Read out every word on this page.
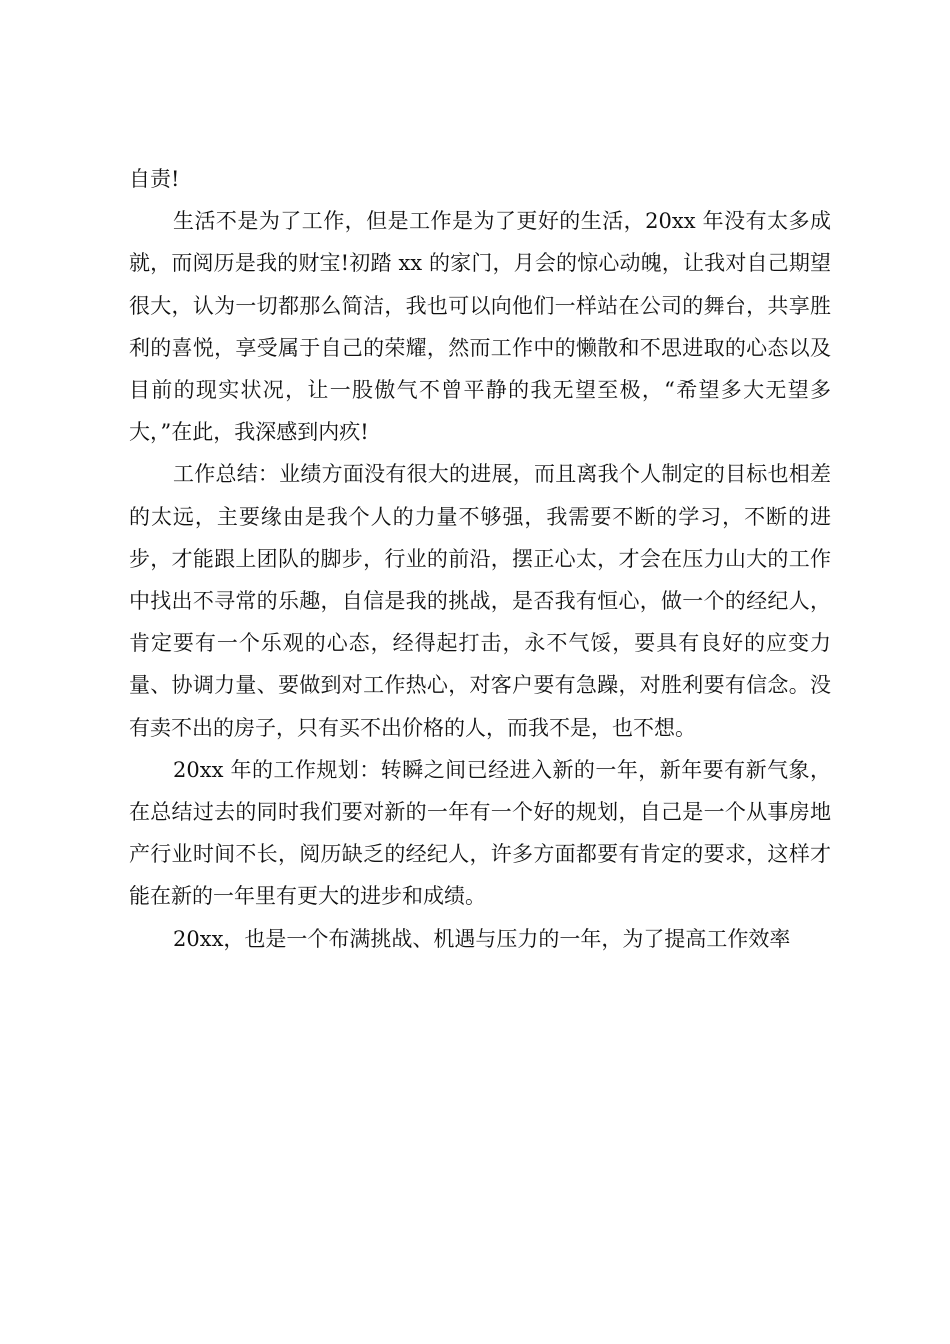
自责!

生活不是为了工作，但是工作是为了更好的生活，20xx 年没有太多成就，而阅历是我的财宝!初踏 xx 的家门，月会的惊心动魄，让我对自己期望很大，认为一切都那么简洁，我也可以向他们一样站在公司的舞台，共享胜利的喜悦，享受属于自己的荣耀，然而工作中的懒散和不思进取的心态以及目前的现实状况，让一股傲气不曾平静的我无望至极，“希望多大无望多大，”在此，我深感到内疚!

工作总结：业绩方面没有很大的进展，而且离我个人制定的目标也相差的太远，主要缘由是我个人的力量不够强，我需要不断的学习，不断的进步，才能跟上团队的脚步，行业的前沿，摆正心太，才会在压力山大的工作中找出不寻常的乐趣，自信是我的挑战，是否我有恒心，做一个的经纪人，肯定要有一个乐观的心态，经得起打击，永不气馁，要具有良好的应变力量、协调力量、要做到对工作热心，对客户要有急躁，对胜利要有信念。没有卖不出的房子，只有买不出价格的人，而我不是，也不想。

20xx 年的工作规划：转瞬之间已经进入新的一年，新年要有新气象，在总结过去的同时我们要对新的一年有一个好的规划，自己是一个从事房地产行业时间不长，阅历缺乏的经纪人，许多方面都要有肯定的要求，这样才能在新的一年里有更大的进步和成绩。

20xx，也是一个布满挑战、机遇与压力的一年，为了提高工作效率
